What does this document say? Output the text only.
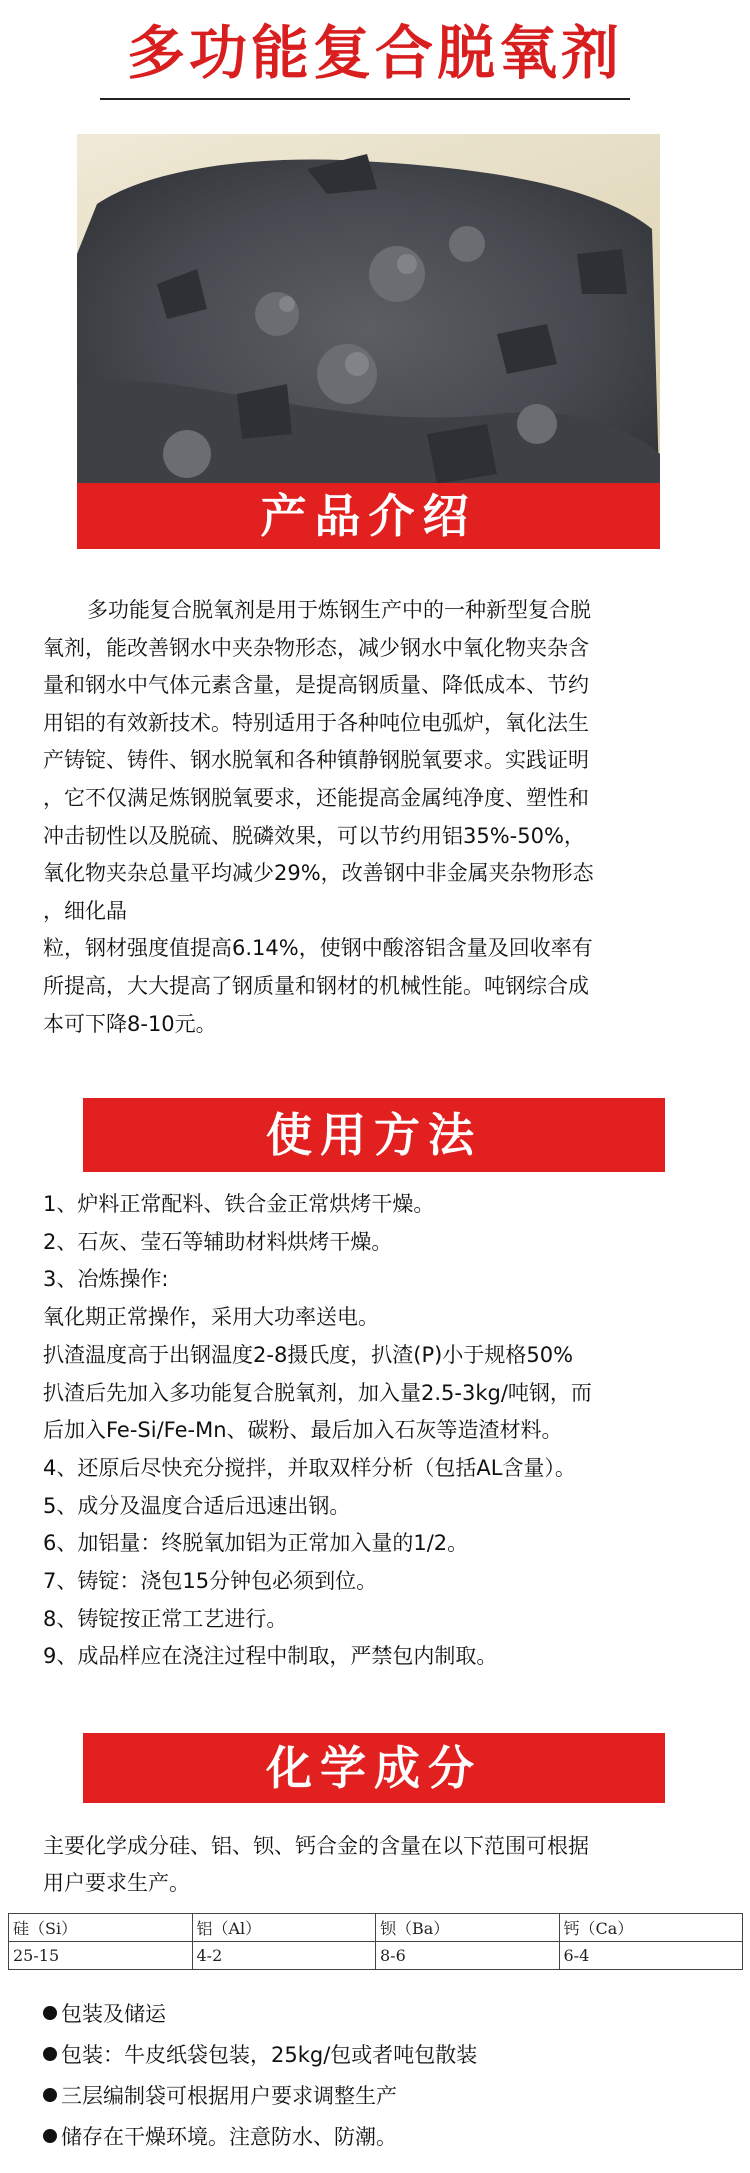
多功能复合脱氧剂
产品介绍

多功能复合脱氧剂是用于炼钢生产中的一种新型复合脱

氧剂，能改善钢水中夹杂物形态，减少钢水中氧化物夹杂含

量和钢水中气体元素含量，是提高钢质量、降低成本、节约

用铝的有效新技术。特别适用于各种吨位电弧炉，氧化法生

产铸锭、铸件、钢水脱氧和各种镇静钢脱氧要求。实践证明

，它不仅满足炼钢脱氧要求，还能提高金属纯净度、塑性和

冲击韧性以及脱硫、脱磷效果，可以节约用铝35%-50%，

氧化物夹杂总量平均减少29%，改善钢中非金属夹杂物形态

，细化晶

粒，钢材强度值提高6.14%，使钢中酸溶铝含量及回收率有

所提高，大大提高了钢质量和钢材的机械性能。吨钢综合成

本可下降8-10元。

使用方法
1、炉料正常配料、铁合金正常烘烤干燥。
2、石灰、莹石等辅助材料烘烤干燥。
3、冶炼操作:
氧化期正常操作，采用大功率送电。
扒渣温度高于出钢温度2-8摄氏度，扒渣(P)小于规格50%
扒渣后先加入多功能复合脱氧剂，加入量2.5-3kg/吨钢，而
后加入Fe-Si/Fe-Mn、碳粉、最后加入石灰等造渣材料。
4、还原后尽快充分搅拌，并取双样分析（包括AL含量）。
5、成分及温度合适后迅速出钢。
6、加铝量：终脱氧加铝为正常加入量的1/2。
7、铸锭：浇包15分钟包必须到位。
8、铸锭按正常工艺进行。
9、成品样应在浇注过程中制取，严禁包内制取。
化学成分

主要化学成分硅、铝、钡、钙合金的含量在以下范围可根据

用户要求生产。

硅（Si）	铝（Al）	钡（Ba）	钙（Ca）
25-15	4-2	8-6	6-4
包装及储运
包装：牛皮纸袋包装，25kg/包或者吨包散装
三层编制袋可根据用户要求调整生产
储存在干燥环境。注意防水、防潮。
